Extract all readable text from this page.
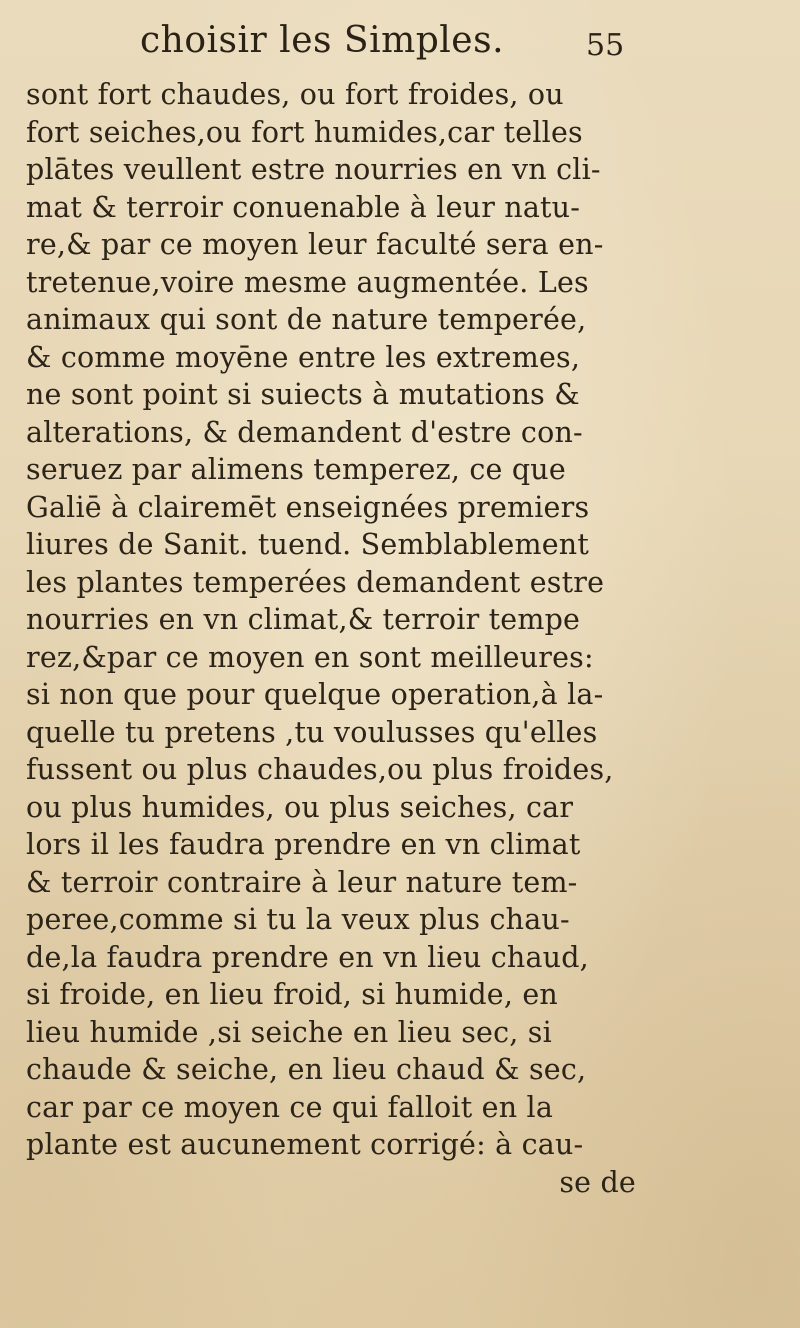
choisir les Simples.	55
sont fort chaudes, ou fort froides, ou
fort seiches,ou fort humides,car telles
plātes veullent estre nourries en vn cli-
mat & terroir conuenable à leur natu-
re,& par ce moyen leur faculté sera en-
tretenue,voire mesme augmentée. Les
animaux qui sont de nature temperée,
& comme moyēne entre les extremes,
ne sont point si suiects à mutations &
alterations, & demandent d'estre con-
seruez par alimens temperez, ce que
Galiē à clairemēt enseignées premiers
liures de Sanit. tuend. Semblablement
les plantes temperées demandent estre
nourries en vn climat,& terroir tempe
rez,&par ce moyen en sont meilleures:
si non que pour quelque operation,à la-
quelle tu pretens ,tu voulusses qu'elles
fussent ou plus chaudes,ou plus froides,
ou plus humides, ou plus seiches, car
lors il les faudra prendre en vn climat
& terroir contraire à leur nature tem-
peree,comme si tu la veux plus chau-
de,la faudra prendre en vn lieu chaud,
si froide, en lieu froid, si humide, en
lieu humide ,si seiche en lieu sec, si
chaude & seiche, en lieu chaud & sec,
car par ce moyen ce qui falloit en la
plante est aucunement corrigé: à cau-
se de
